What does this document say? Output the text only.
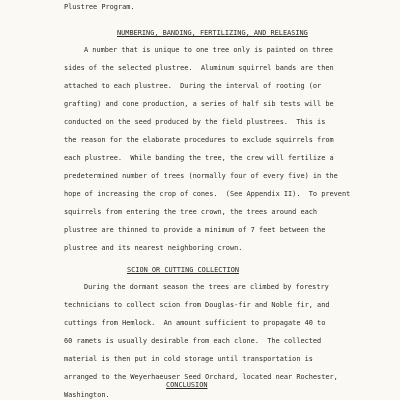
Plustree Program.
NUMBERING, BANDING, FERTILIZING, AND RELEASING
A number that is unique to one tree only is painted on three
sides of the selected plustree.  Aluminum squirrel bands are then
attached to each plustree.  During the interval of rooting (or
grafting) and cone production, a series of half sib tests will be
conducted on the seed produced by the field plustrees.  This is
the reason for the elaborate procedures to exclude squirrels from
each plustree.  While banding the tree, the crew will fertilize a
predetermined number of trees (normally four of every five) in the
hope of increasing the crop of cones.  (See Appendix II).  To prevent
squirrels from entering the tree crown, the trees around each
plustree are thinned to provide a minimum of 7 feet between the
plustree and its nearest neighboring crown.
SCION OR CUTTING COLLECTION
During the dormant season the trees are climbed by forestry
technicians to collect scion from Douglas-fir and Noble fir, and
cuttings from Hemlock.  An amount sufficient to propagate 40 to
60 ramets is usually desirable from each clone.  The collected
material is then put in cold storage until transportation is
arranged to the Weyerhaeuser Seed Orchard, located near Rochester,
Washington.
CONCLUSION
